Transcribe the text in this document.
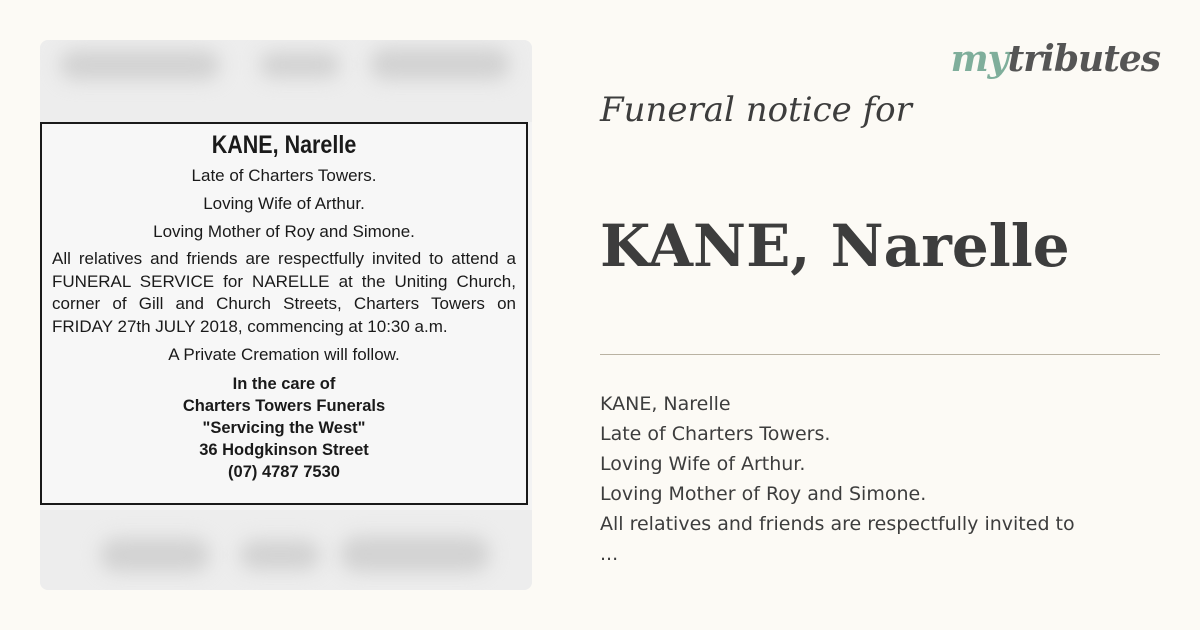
KANE, Narelle

Late of Charters Towers.

Loving Wife of Arthur.

Loving Mother of Roy and Simone.

All relatives and friends are respectfully invited to attend a FUNERAL SERVICE for NARELLE at the Uniting Church, corner of Gill and Church Streets, Charters Towers on FRIDAY 27th JULY 2018, commencing at 10:30 a.m.

A Private Cremation will follow.

In the care of

Charters Towers Funerals

"Servicing the West"

36 Hodgkinson Street

(07) 4787 7530

mytributes

Funeral notice for

KANE, Narelle
KANE, Narelle
Late of Charters Towers.
Loving Wife of Arthur.
Loving Mother of Roy and Simone.
All relatives and friends are respectfully invited to
...
